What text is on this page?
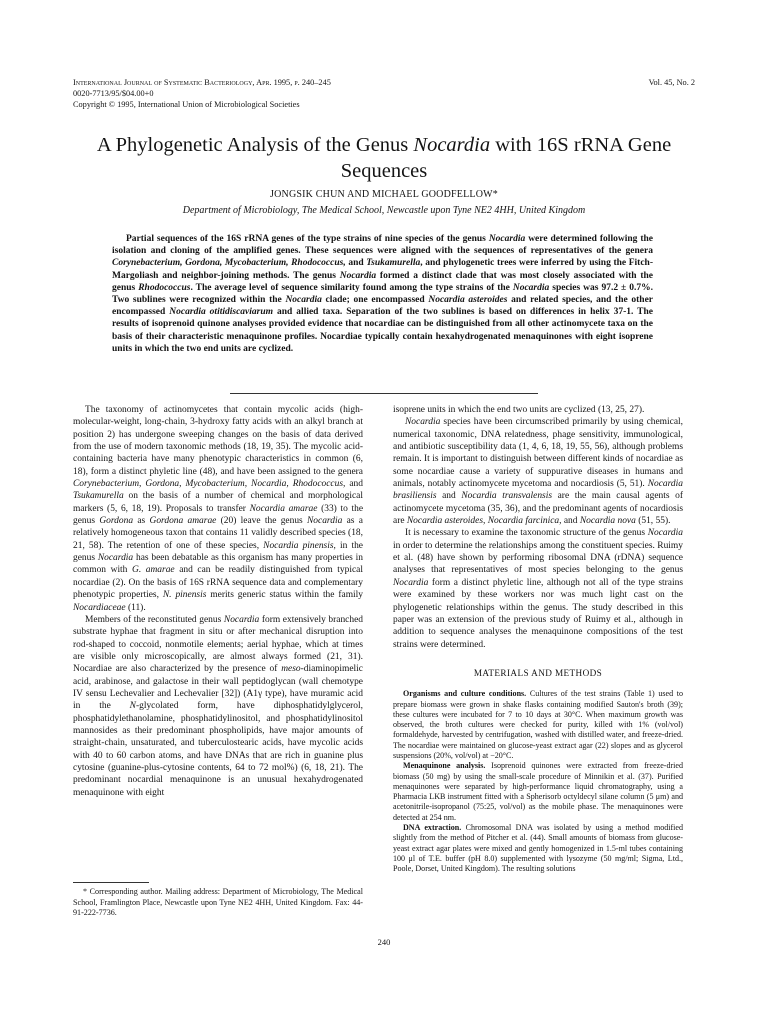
International Journal of Systematic Bacteriology, Apr. 1995, p. 240–245	Vol. 45, No. 2
0020-7713/95/$04.00+0
Copyright © 1995, International Union of Microbiological Societies
A Phylogenetic Analysis of the Genus Nocardia with 16S rRNA Gene Sequences
JONGSIK CHUN AND MICHAEL GOODFELLOW*
Department of Microbiology, The Medical School, Newcastle upon Tyne NE2 4HH, United Kingdom

Partial sequences of the 16S rRNA genes of the type strains of nine species of the genus Nocardia were determined following the isolation and cloning of the amplified genes. These sequences were aligned with the sequences of representatives of the genera Corynebacterium, Gordona, Mycobacterium, Rhodococcus, and Tsukamurella, and phylogenetic trees were inferred by using the Fitch-Margoliash and neighbor-joining methods. The genus Nocardia formed a distinct clade that was most closely associated with the genus Rhodococcus. The average level of sequence similarity found among the type strains of the Nocardia species was 97.2 ± 0.7%. Two sublines were recognized within the Nocardia clade; one encompassed Nocardia asteroides and related species, and the other encompassed Nocardia otitidiscaviarum and allied taxa. Separation of the two sublines is based on differences in helix 37-1. The results of isoprenoid quinone analyses provided evidence that nocardiae can be distinguished from all other actinomycete taxa on the basis of their characteristic menaquinone profiles. Nocardiae typically contain hexahydrogenated menaquinones with eight isoprene units in which the two end units are cyclized.

The taxonomy of actinomycetes that contain mycolic acids (high-molecular-weight, long-chain, 3-hydroxy fatty acids with an alkyl branch at position 2) has undergone sweeping changes on the basis of data derived from the use of modern taxonomic methods (18, 19, 35). The mycolic acid-containing bacteria have many phenotypic characteristics in common (6, 18), form a distinct phyletic line (48), and have been assigned to the genera Corynebacterium, Gordona, Mycobacterium, Nocardia, Rhodococcus, and Tsukamurella on the basis of a number of chemical and morphological markers (5, 6, 18, 19). Proposals to transfer Nocardia amarae (33) to the genus Gordona as Gordona amarae (20) leave the genus Nocardia as a relatively homogeneous taxon that contains 11 validly described species (18, 21, 58). The retention of one of these species, Nocardia pinensis, in the genus Nocardia has been debatable as this organism has many properties in common with G. amarae and can be readily distinguished from typical nocardiae (2). On the basis of 16S rRNA sequence data and complementary phenotypic properties, N. pinensis merits generic status within the family Nocardiaceae (11).

Members of the reconstituted genus Nocardia form extensively branched substrate hyphae that fragment in situ or after mechanical disruption into rod-shaped to coccoid, nonmotile elements; aerial hyphae, which at times are visible only microscopically, are almost always formed (21, 31). Nocardiae are also characterized by the presence of meso-diaminopimelic acid, arabinose, and galactose in their wall peptidoglycan (wall chemotype IV sensu Lechevalier and Lechevalier [32]) (A1γ type), have muramic acid in the N-glycolated form, have diphosphatidylglycerol, phosphatidylethanolamine, phosphatidylinositol, and phosphatidylinositol mannosides as their predominant phospholipids, have major amounts of straight-chain, unsaturated, and tuberculostearic acids, have mycolic acids with 40 to 60 carbon atoms, and have DNAs that are rich in guanine plus cytosine (guanine-plus-cytosine contents, 64 to 72 mol%) (6, 18, 21). The predominant nocardial menaquinone is an unusual hexahydrogenated menaquinone with eight

isoprene units in which the end two units are cyclized (13, 25, 27).

Nocardia species have been circumscribed primarily by using chemical, numerical taxonomic, DNA relatedness, phage sensitivity, immunological, and antibiotic susceptibility data (1, 4, 6, 18, 19, 55, 56), although problems remain. It is important to distinguish between different kinds of nocardiae as some nocardiae cause a variety of suppurative diseases in humans and animals, notably actinomycete mycetoma and nocardiosis (5, 51). Nocardia brasiliensis and Nocardia transvalensis are the main causal agents of actinomycete mycetoma (35, 36), and the predominant agents of nocardiosis are Nocardia asteroides, Nocardia farcinica, and Nocardia nova (51, 55).

It is necessary to examine the taxonomic structure of the genus Nocardia in order to determine the relationships among the constituent species. Ruimy et al. (48) have shown by performing ribosomal DNA (rDNA) sequence analyses that representatives of most species belonging to the genus Nocardia form a distinct phyletic line, although not all of the type strains were examined by these workers nor was much light cast on the phylogenetic relationships within the genus. The study described in this paper was an extension of the previous study of Ruimy et al., although in addition to sequence analyses the menaquinone compositions of the test strains were determined.

MATERIALS AND METHODS

Organisms and culture conditions. Cultures of the test strains (Table 1) used to prepare biomass were grown in shake flasks containing modified Sauton's broth (39); these cultures were incubated for 7 to 10 days at 30°C. When maximum growth was observed, the broth cultures were checked for purity, killed with 1% (vol/vol) formaldehyde, harvested by centrifugation, washed with distilled water, and freeze-dried. The nocardiae were maintained on glucose-yeast extract agar (22) slopes and as glycerol suspensions (20%, vol/vol) at −20°C.

Menaquinone analysis. Isoprenoid quinones were extracted from freeze-dried biomass (50 mg) by using the small-scale procedure of Minnikin et al. (37). Purified menaquinones were separated by high-performance liquid chromatography, using a Pharmacia LKB instrument fitted with a Spherisorb octyldecyl silane column (5 μm) and acetonitrile-isopropanol (75:25, vol/vol) as the mobile phase. The menaquinones were detected at 254 nm.

DNA extraction. Chromosomal DNA was isolated by using a method modified slightly from the method of Pitcher et al. (44). Small amounts of biomass from glucose-yeast extract agar plates were mixed and gently homogenized in 1.5-ml tubes containing 100 μl of T.E. buffer (pH 8.0) supplemented with lysozyme (50 mg/ml; Sigma, Ltd., Poole, Dorset, United Kingdom). The resulting solutions

* Corresponding author. Mailing address: Department of Microbiology, The Medical School, Framlington Place, Newcastle upon Tyne NE2 4HH, United Kingdom. Fax: 44-91-222-7736.

240
